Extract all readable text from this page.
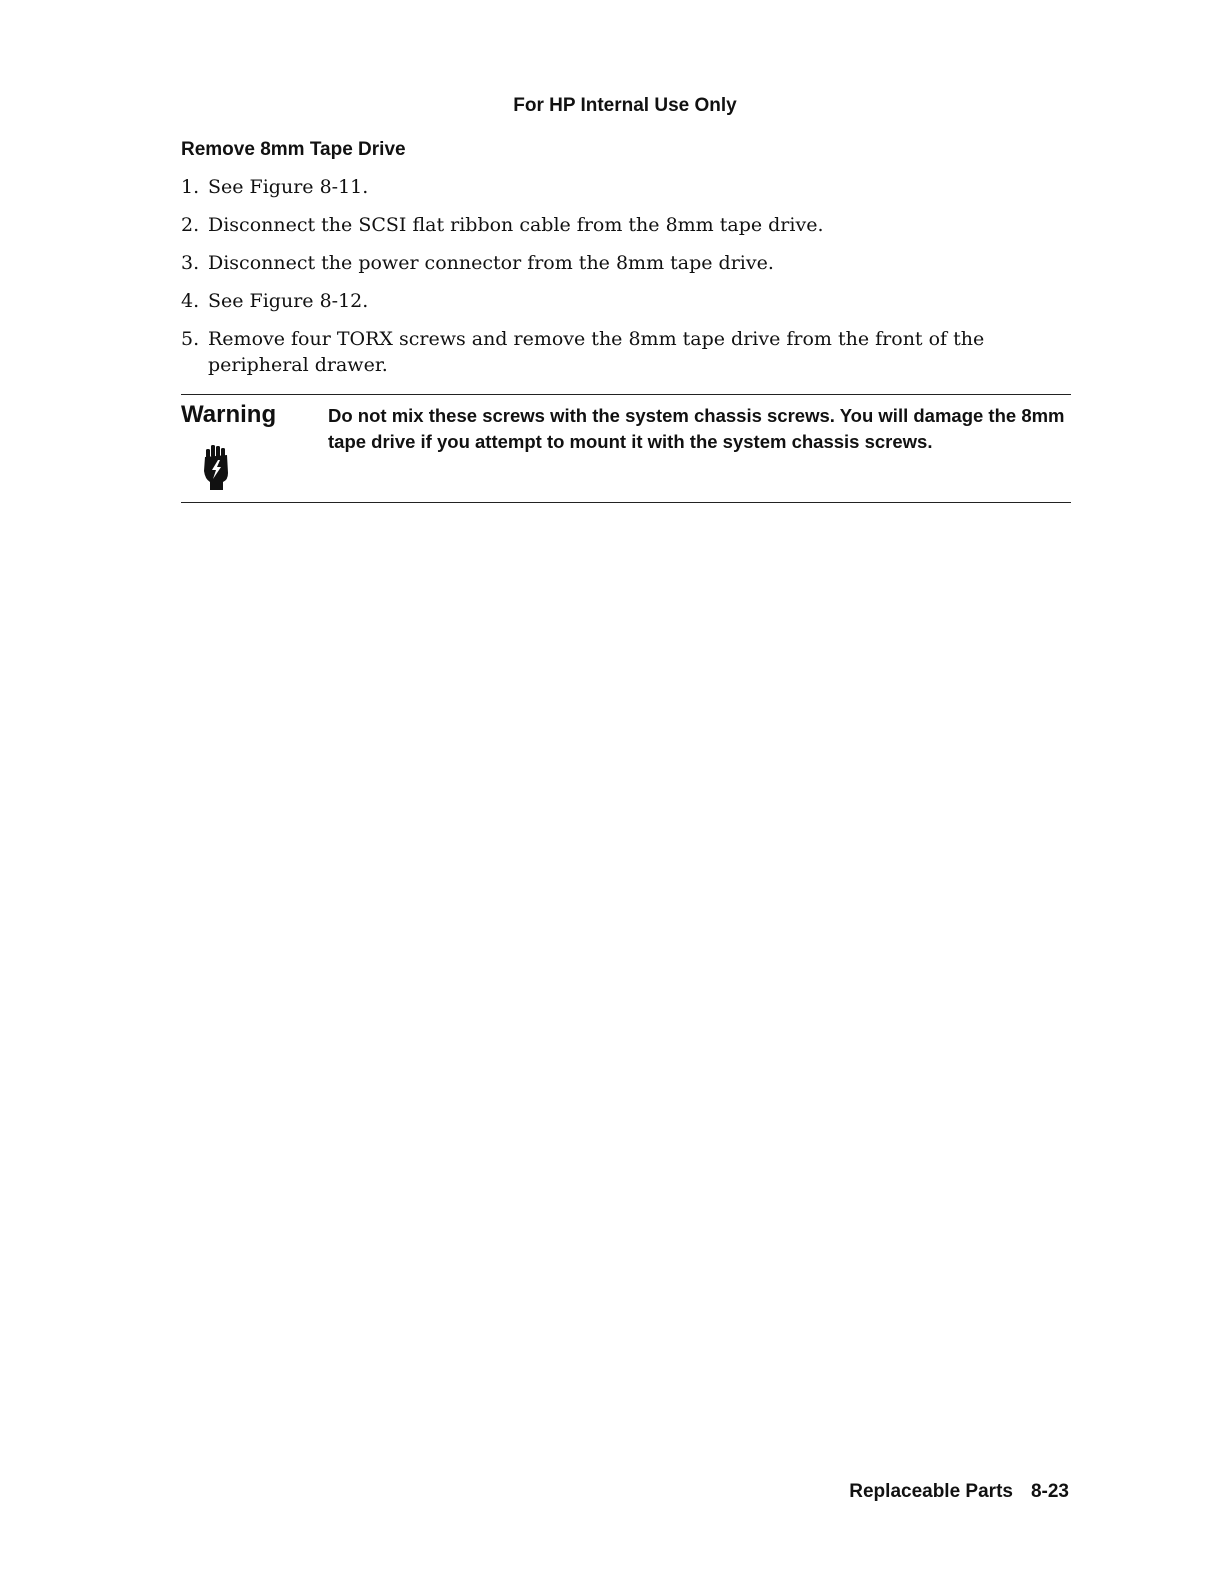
For HP Internal Use Only
Remove 8mm Tape Drive
1. See Figure 8-11.
2. Disconnect the SCSI flat ribbon cable from the 8mm tape drive.
3. Disconnect the power connector from the 8mm tape drive.
4. See Figure 8-12.
5. Remove four TORX screws and remove the 8mm tape drive from the front of the peripheral drawer.
Warning	Do not mix these screws with the system chassis screws. You will damage the 8mm tape drive if you attempt to mount it with the system chassis screws.
Replaceable Parts 8-23
